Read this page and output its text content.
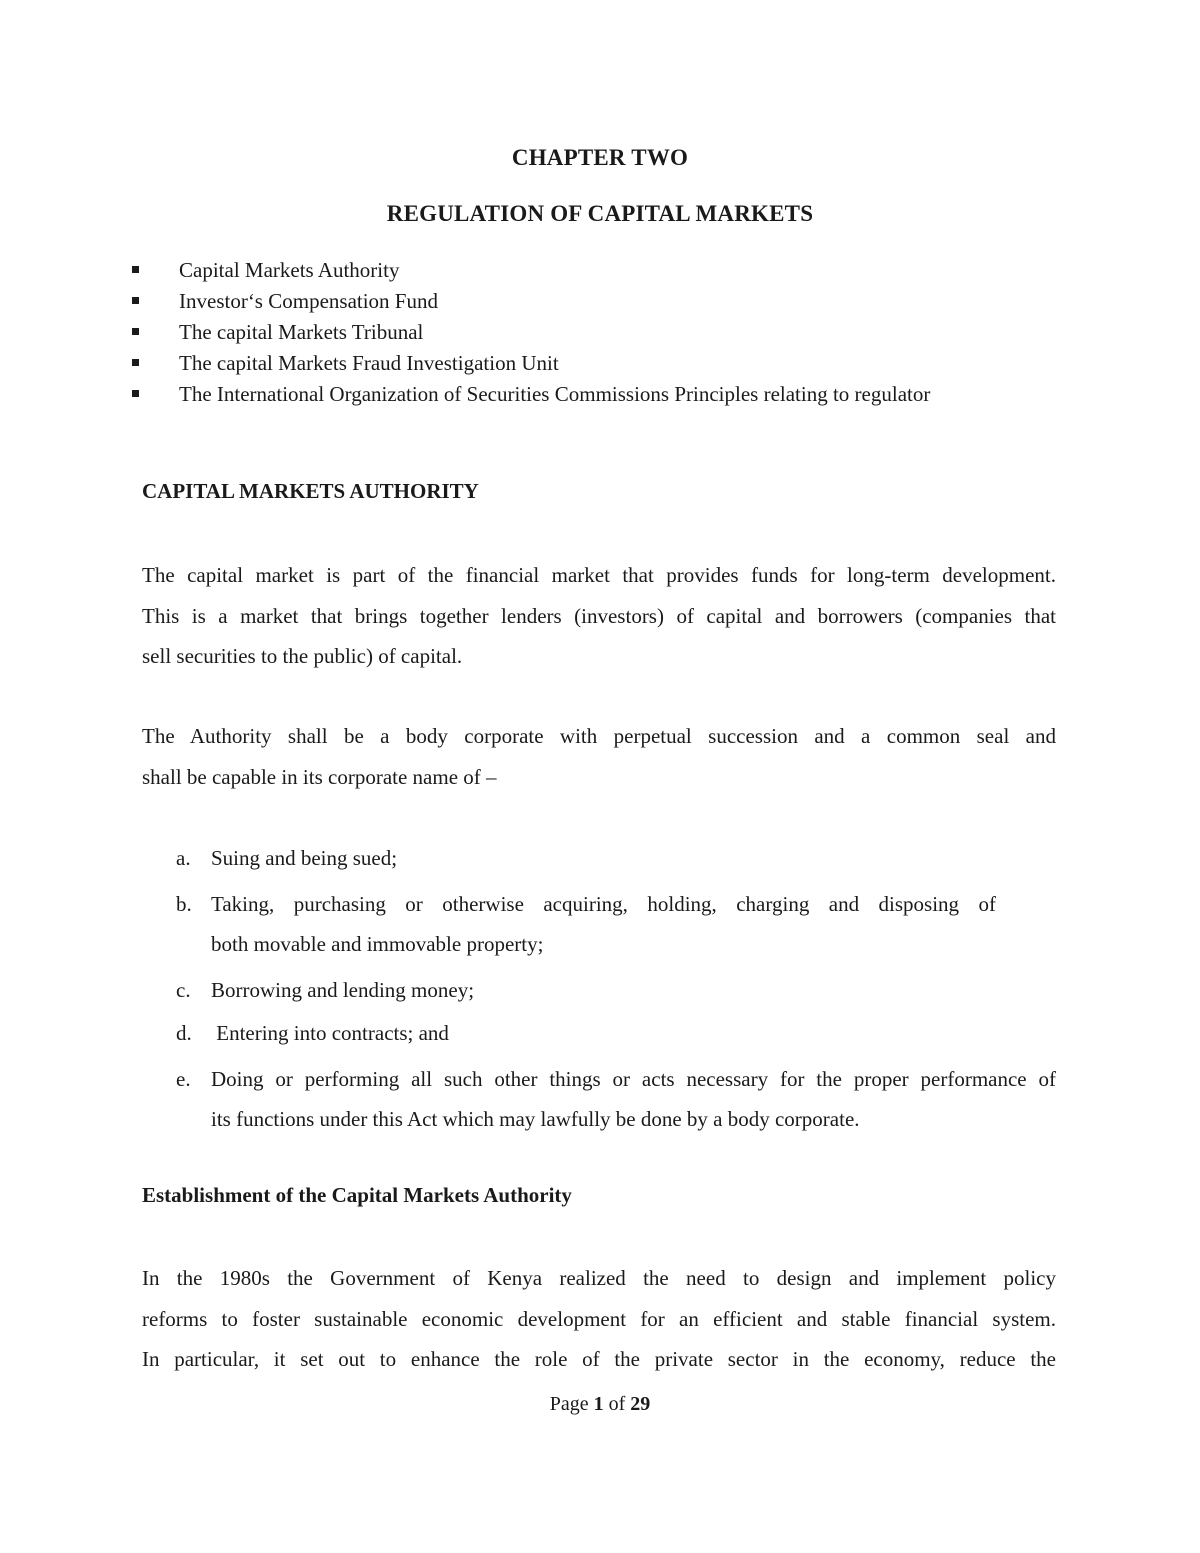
CHAPTER TWO
REGULATION OF CAPITAL MARKETS
Capital Markets Authority
Investor‘s Compensation Fund
The capital Markets Tribunal
The capital Markets Fraud Investigation Unit
The International Organization of Securities Commissions Principles relating to regulator
CAPITAL MARKETS AUTHORITY
The capital market is part of the financial market that provides funds for long-term development.
This is a market that brings together lenders (investors) of capital and borrowers (companies that
sell securities to the public) of capital.
The Authority shall be a body corporate with perpetual succession and a common seal and
shall be capable in its corporate name of –
a. Suing and being sued;
b. Taking, purchasing or otherwise acquiring, holding, charging and disposing of
both movable and immovable property;
c. Borrowing and lending money;
d. Entering into contracts; and
e. Doing or performing all such other things or acts necessary for the proper performance of
its functions under this Act which may lawfully be done by a body corporate.
Establishment of the Capital Markets Authority
In the 1980s the Government of Kenya realized the need to design and implement policy
reforms to foster sustainable economic development for an efficient and stable financial system.
In particular, it set out to enhance the role of the private sector in the economy, reduce the
Page 1 of 29
